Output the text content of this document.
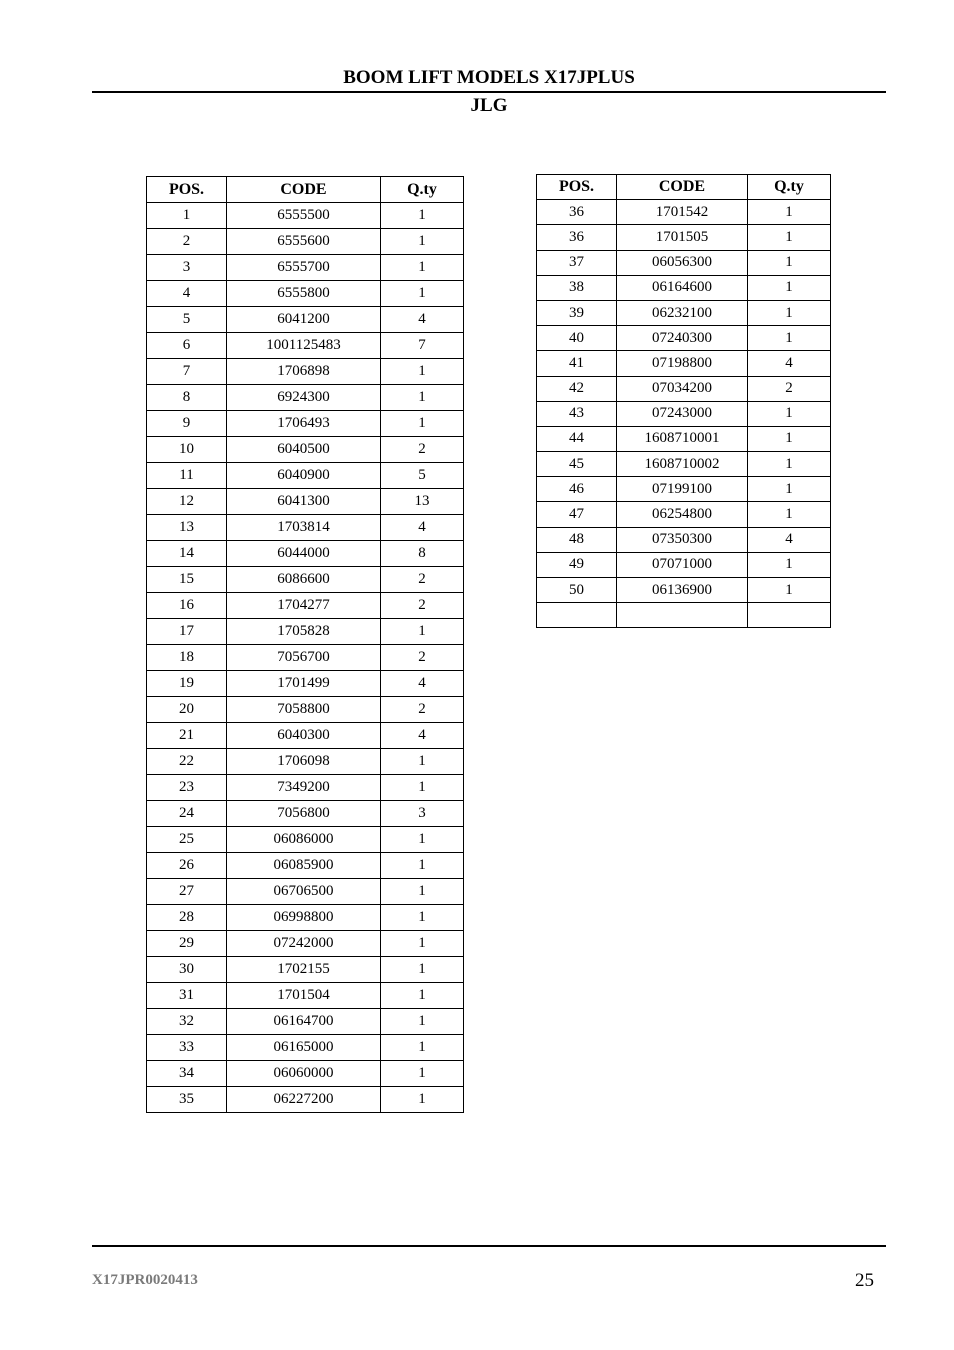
BOOM LIFT MODELS X17JPLUS
JLG
POS.	CODE	Q.ty
1	6555500	1
2	6555600	1
3	6555700	1
4	6555800	1
5	6041200	4
6	1001125483	7
7	1706898	1
8	6924300	1
9	1706493	1
10	6040500	2
11	6040900	5
12	6041300	13
13	1703814	4
14	6044000	8
15	6086600	2
16	1704277	2
17	1705828	1
18	7056700	2
19	1701499	4
20	7058800	2
21	6040300	4
22	1706098	1
23	7349200	1
24	7056800	3
25	06086000	1
26	06085900	1
27	06706500	1
28	06998800	1
29	07242000	1
30	1702155	1
31	1701504	1
32	06164700	1
33	06165000	1
34	06060000	1
35	06227200	1
POS.	CODE	Q.ty
36	1701542	1
36	1701505	1
37	06056300	1
38	06164600	1
39	06232100	1
40	07240300	1
41	07198800	4
42	07034200	2
43	07243000	1
44	1608710001	1
45	1608710002	1
46	07199100	1
47	06254800	1
48	07350300	4
49	07071000	1
50	06136900	1

X17JPR0020413	25
